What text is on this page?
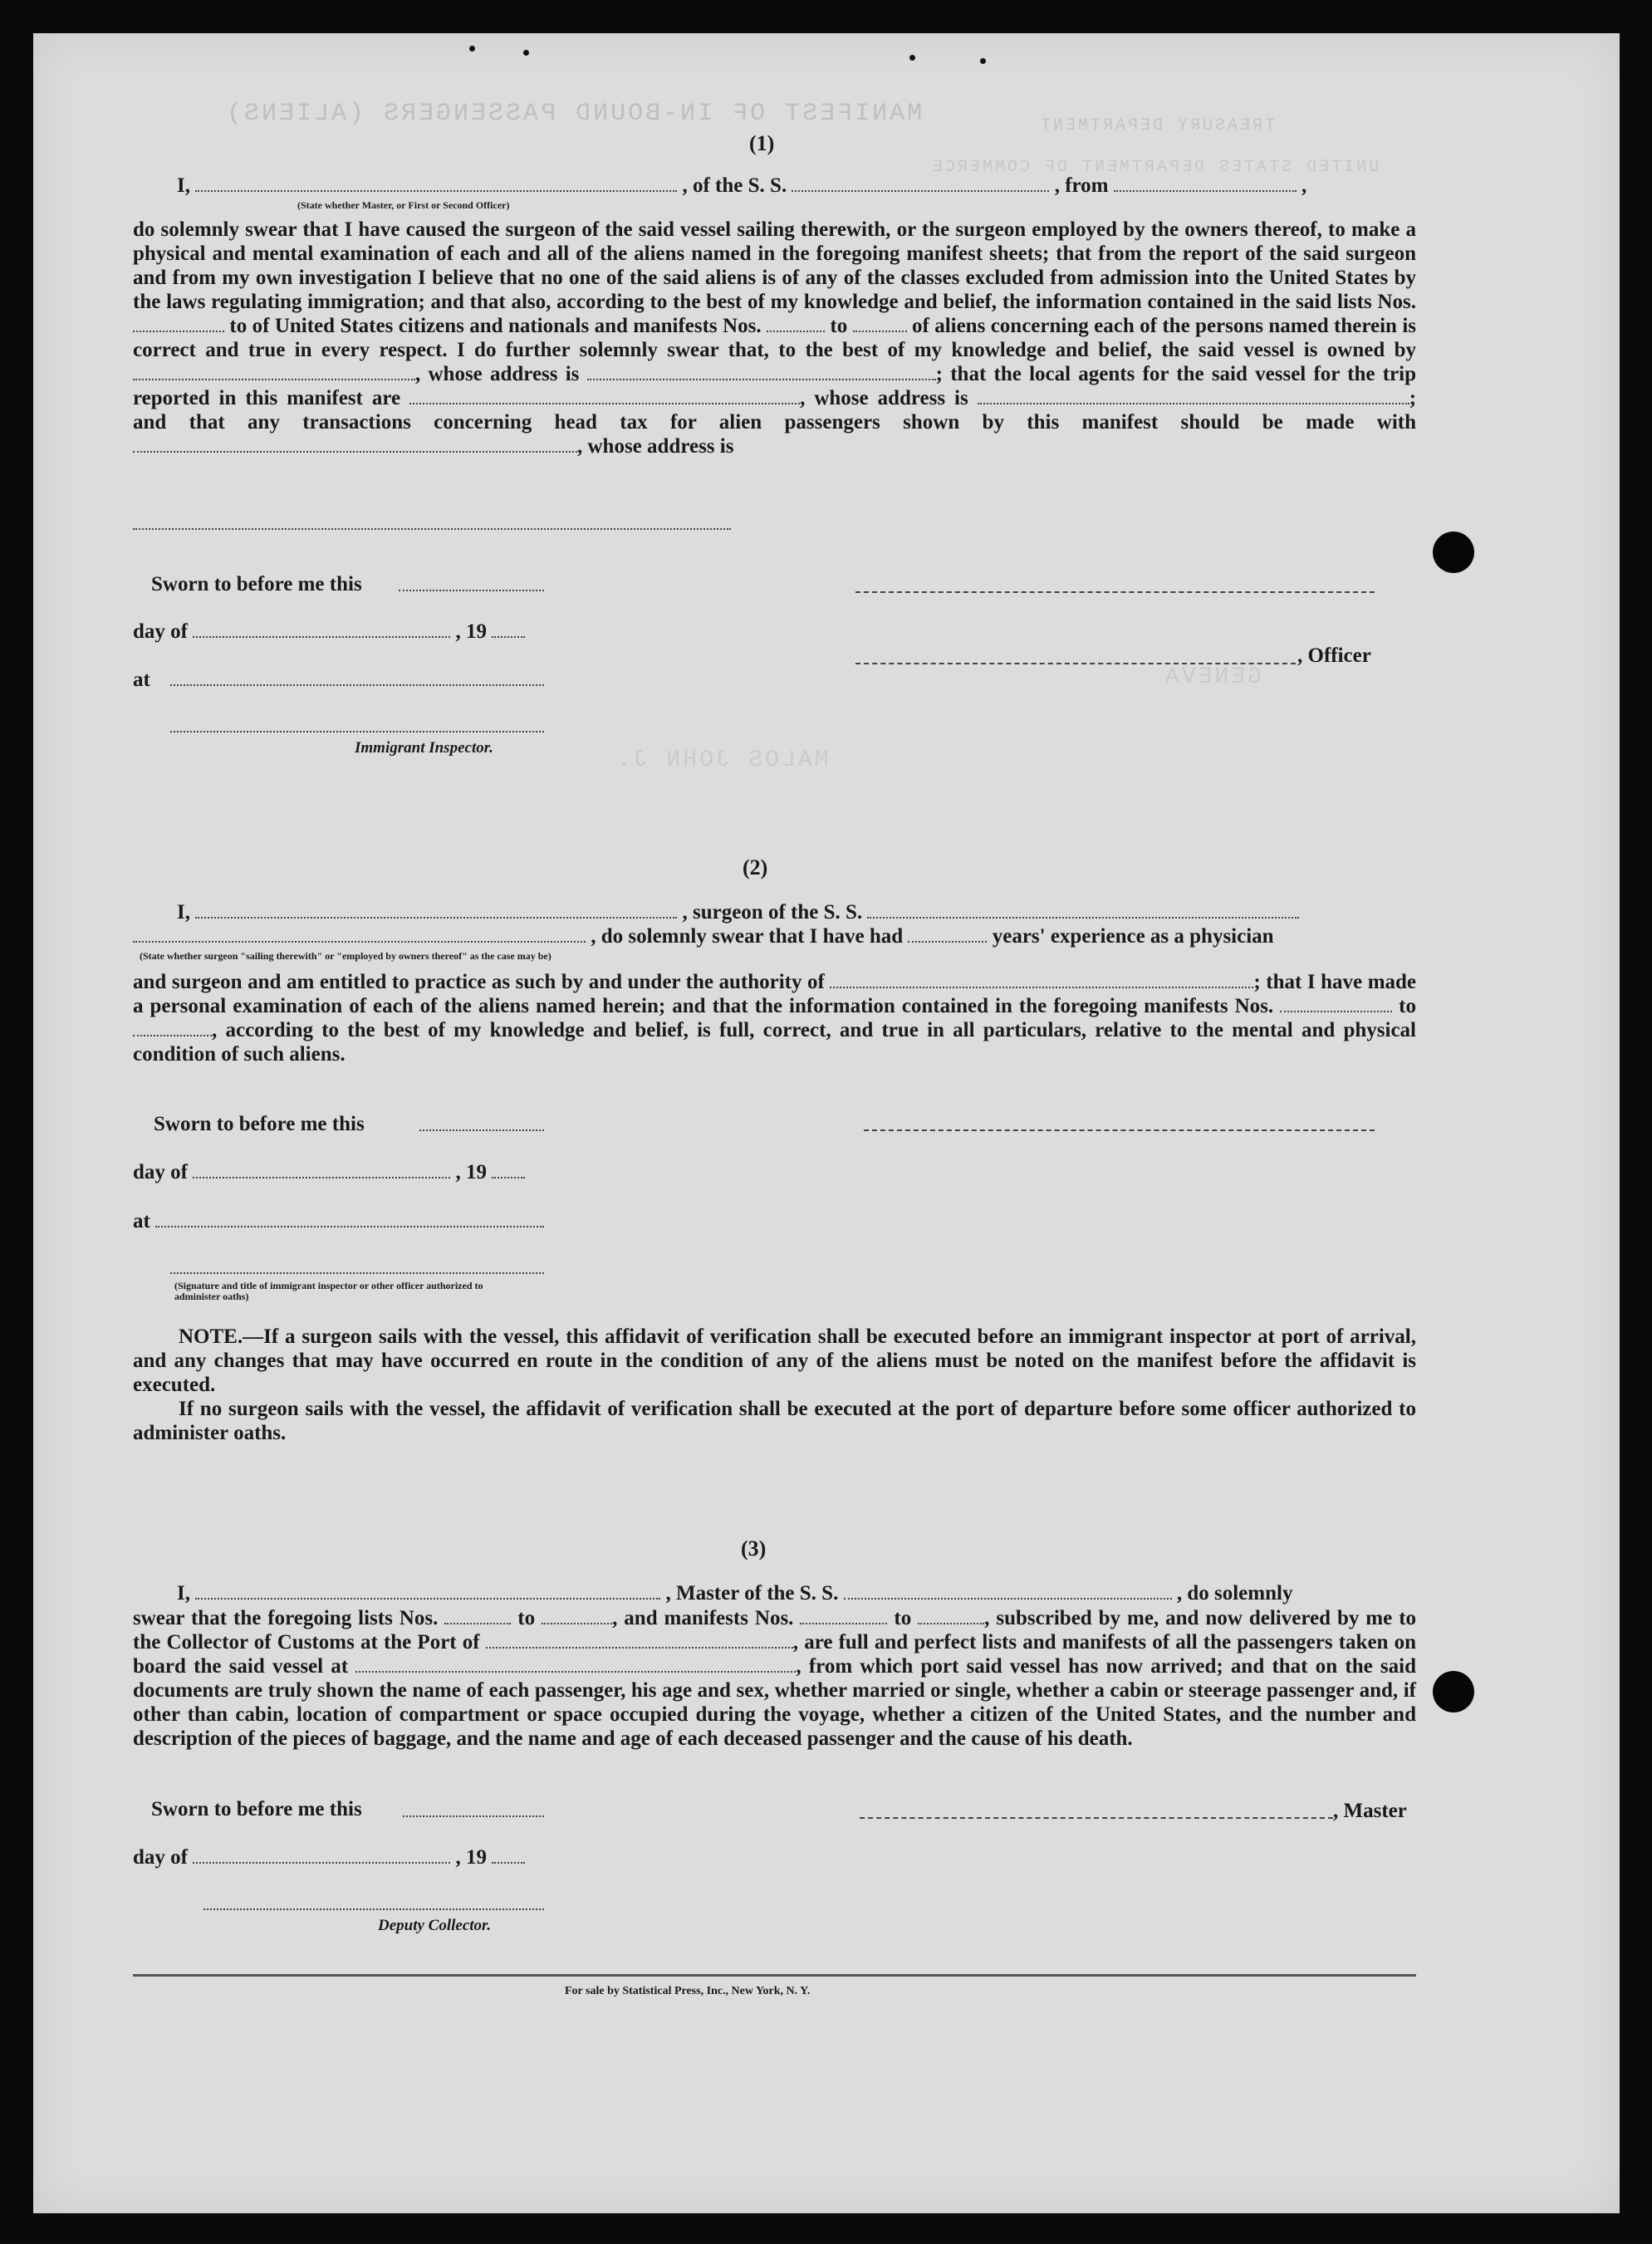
MANIFEST OF IN-BOUND PASSENGERS (ALIENS)	TREASURY DEPARTMENT
UNITED STATES DEPARTMENT OF COMMERCE
MALOS JOHN J.
GENEVA
(1)
I,	, of the S. S.	, from	,
(State whether Master, or First or Second Officer)

do solemnly swear that I have caused the surgeon of the said vessel sailing therewith, or the surgeon employed by the owners thereof, to make a physical and mental examination of each and all of the aliens named in the foregoing manifest sheets; that from the report of the said surgeon and from my own investigation I believe that no one of the said aliens is of any of the classes excluded from admission into the United States by the laws regulating immigration; and that also, according to the best of my knowledge and belief, the information contained in the said lists Nos.  to of United States citizens and nationals and manifests Nos.	to	of aliens concerning each of the persons named therein is correct and true in every respect. I do further solemnly swear that, to the best of my knowledge and belief, the said vessel is owned by , whose address is	; that the local agents for the said vessel for the trip reported in this manifest are	, whose address is	; and that any transactions concerning head tax for alien passengers shown by this manifest should be made with , whose address is

Sworn to before me this
day of	, 19
, Officer
at
Immigrant Inspector.
(2)
I,	, surgeon of the S. S.
, do solemnly swear that I have had	years' experience as a physician
(State whether surgeon "sailing therewith" or "employed by owners thereof" as the case may be)

and surgeon and am entitled to practice as such by and under the authority of	; that I have made a personal examination of each of the aliens named herein; and that the information contained in the foregoing manifests Nos.	to , according to the best of my knowledge and belief, is full, correct, and true in all particulars, relative to the mental and physical condition of such aliens.

Sworn to before me this
day of	, 19
at
(Signature and title of immigrant inspector or other officer authorized to administer oaths)

NOTE.—If a surgeon sails with the vessel, this affidavit of verification shall be executed before an immigrant inspector at port of arrival, and any changes that may have occurred en route in the condition of any of the aliens must be noted on the manifest before the affidavit is executed.

If no surgeon sails with the vessel, the affidavit of verification shall be executed at the port of departure before some officer authorized to administer oaths.

(3)
I,	, Master of the S. S.	, do solemnly

swear that the foregoing lists Nos.	to	, and manifests Nos.	to	, subscribed by me, and now delivered by me to the Collector of Customs at the Port of	, are full and perfect lists and manifests of all the passengers taken on board the said vessel at	, from which port said vessel has now arrived; and that on the said documents are truly shown the name of each passenger, his age and sex, whether married or single, whether a cabin or steerage passenger and, if other than cabin, location of compartment or space occupied during the voyage, whether a citizen of the United States, and the number and description of the pieces of baggage, and the name and age of each deceased passenger and the cause of his death.

Sworn to before me this	, Master
day of	, 19
Deputy Collector.
For sale by Statistical Press, Inc., New York, N. Y.
